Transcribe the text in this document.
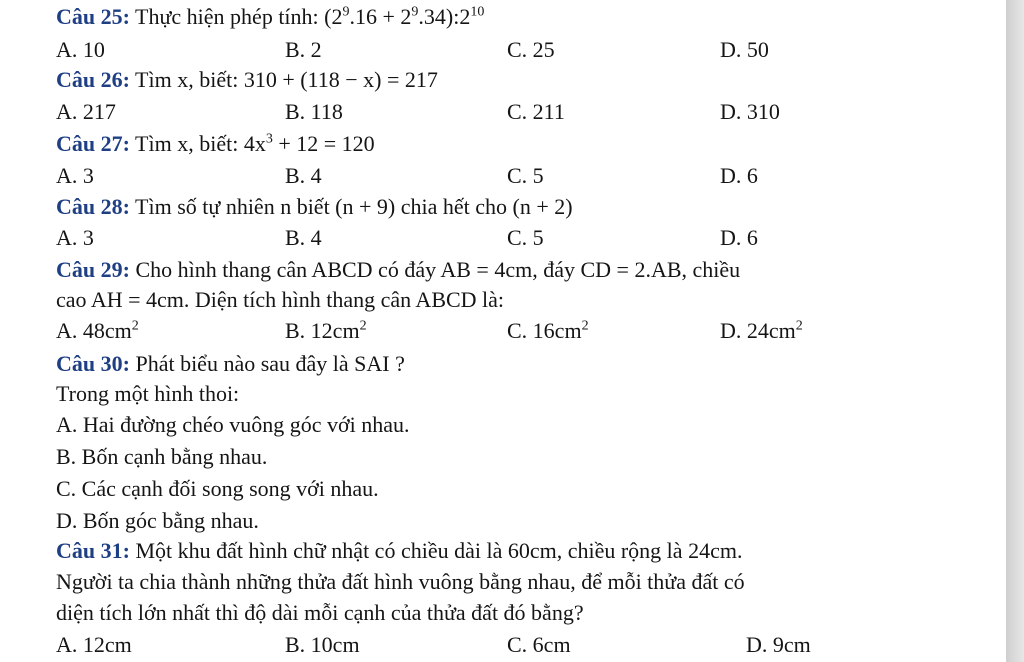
Câu 25: Thực hiện phép tính: ($2^9.16$ + $2^9.34):2^{10}$
A. 10	B. 2	C. 25	D. 50
Câu 26: Tìm x, biết: 310 + (118 − x) = 217
A. 217	B. 118	C. 211	D. 310
Câu 27: Tìm x, biết: $4x^3 + 12 = 120$
A. 3	B. 4	C. 5	D. 6
Câu 28: Tìm số tự nhiên n biết (n + 9) chia hết cho (n + 2)
A. 3	B. 4	C. 5	D. 6
Câu 29: Cho hình thang cân ABCD có đáy AB = 4cm, đáy CD = 2.AB, chiều
cao AH = 4cm. Diện tích hình thang cân ABCD là:
A. $48cm^2$	B. $12cm^2$	C. $16cm^2$	D. $24cm^2$
Câu 30: Phát biểu nào sau đây là SAI ?
Trong một hình thoi:
A. Hai đường chéo vuông góc với nhau.
B. Bốn cạnh bằng nhau.
C. Các cạnh đối song song với nhau.
D. Bốn góc bằng nhau.
Câu 31: Một khu đất hình chữ nhật có chiều dài là 60cm, chiều rộng là 24cm.
Người ta chia thành những thửa đất hình vuông bằng nhau, để mỗi thửa đất có
diện tích lớn nhất thì độ dài mỗi cạnh của thửa đất đó bằng?
A. 12cm	B. 10cm	C. 6cm	D. 9cm
